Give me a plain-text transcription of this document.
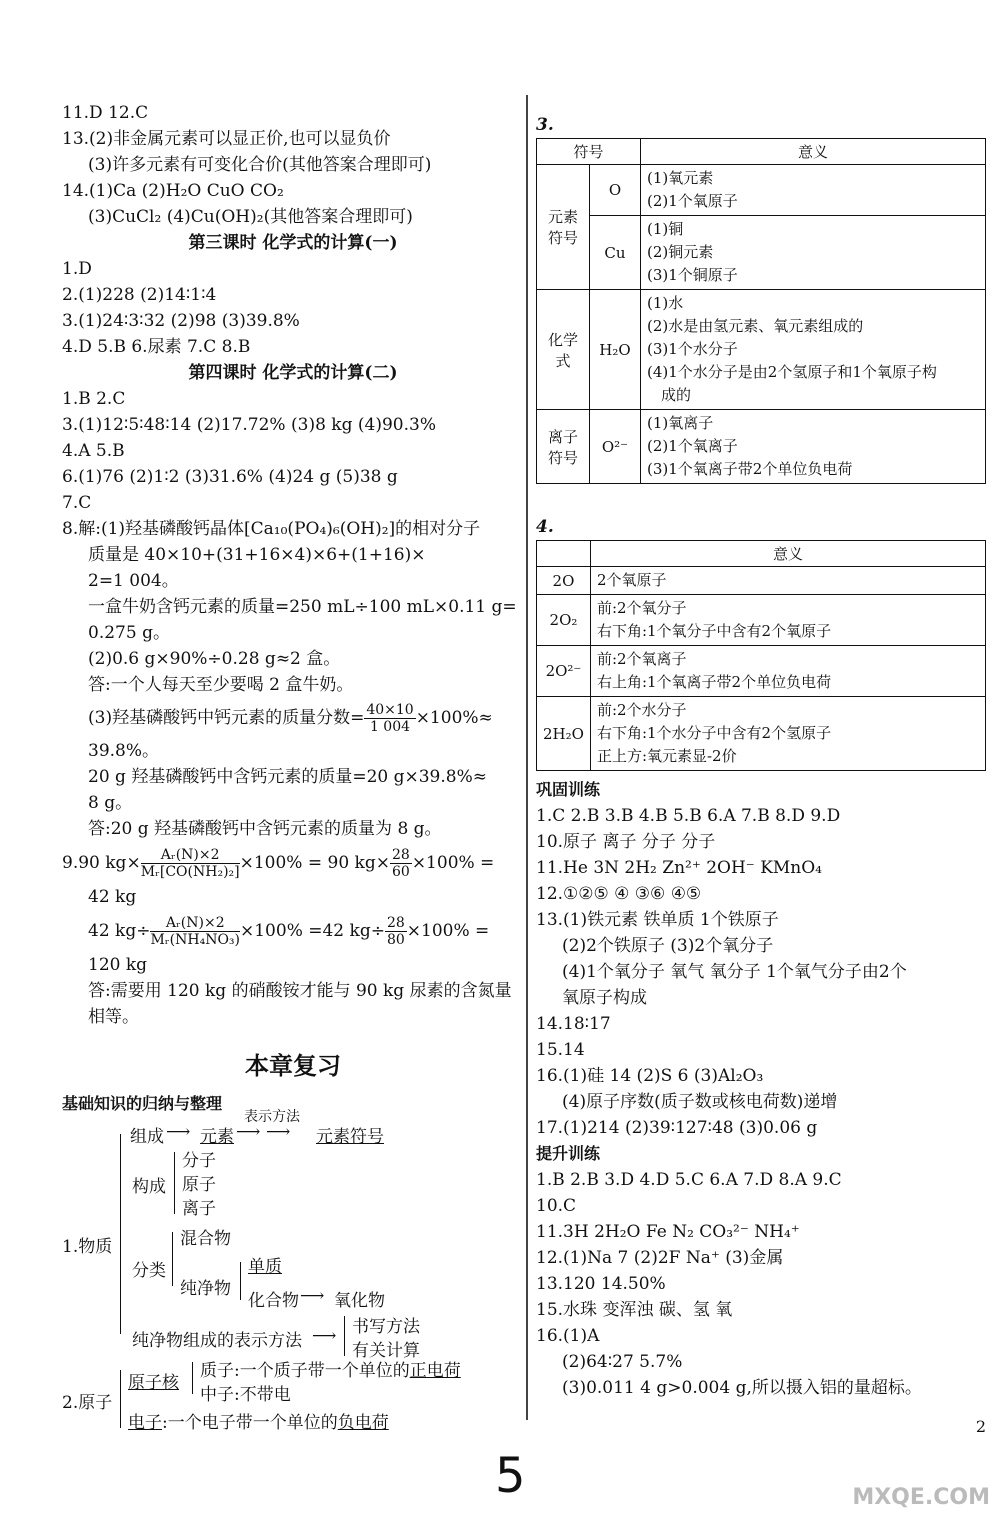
11.D 12.C
13.(2)非金属元素可以显正价,也可以显负价
(3)许多元素有可变化合价(其他答案合理即可)
14.(1)Ca (2)H₂O CuO CO₂
(3)CuCl₂ (4)Cu(OH)₂(其他答案合理即可)
第三课时 化学式的计算(一)
1.D
2.(1)228 (2)14∶1∶4
3.(1)24∶3∶32 (2)98 (3)39.8%
4.D 5.B 6.尿素 7.C 8.B
第四课时 化学式的计算(二)
1.B 2.C
3.(1)12∶5∶48∶14 (2)17.72% (3)8 kg (4)90.3%
4.A 5.B
6.(1)76 (2)1∶2 (3)31.6% (4)24 g (5)38 g
7.C
8.解:(1)羟基磷酸钙晶体[Ca₁₀(PO₄)₆(OH)₂]的相对分子
质量是 40×10+(31+16×4)×6+(1+16)×
2=1 004。
一盒牛奶含钙元素的质量=250 mL÷100 mL×0.11 g=
0.275 g。
(2)0.6 g×90%÷0.28 g≈2 盒。
答:一个人每天至少要喝 2 盒牛奶。
(3)羟基磷酸钙中钙元素的质量分数= $\frac{40\times 10}{1 004} \times 100\%\approx$
39.8%。
20 g 羟基磷酸钙中含钙元素的质量=20 g×39.8%≈
8 g。
答:20 g 羟基磷酸钙中含钙元素的质量为 8 g。
9.90 $kg\times \frac{\text{Aᵣ(N)×2}}{\text{Mᵣ[CO(NH₂)₂]}} \times 100\% = 90$ $kg\times \frac{28}{60} \times 100\%$ =
42 kg
42 $kg\div \frac{\text{Aᵣ(N)×2}}{\text{Mᵣ(NH₄NO₃)}} \times 100\% =42$ $kg\div \frac{28}{80} \times 100\%$ =
120 kg
答:需要用 120 kg 的硝酸铵才能与 90 kg 尿素的含氮量
相等。
本章复习
基础知识的归纳与整理
1.物质
组成 ⟶ 元素
表示方法
⟶ ⟶ 元素符号
构成
分子
原子
离子
分类
混合物
纯净物
单质
化合物 ⟶ 氧化物
纯净物组成的表示方法 ⟶ 书写方法
有关计算
2.原子
原子核
质子:一个质子带一个单位的正电荷
中子:不带电
电子:一个电子带一个单位的负电荷
3.
符号		意义
元素符号	O	(1)氧元素
(2)1个氧原子

	Cu	(1)铜
(2)铜元素
(3)1个铜原子

化学式	H₂O	(1)水
(2)水是由氢元素、氧元素组成的
(3)1个水分子
(4)1个水分子是由2个氢原子和1个氧原子构
成的

离子符号	O²⁻	(1)氧离子
(2)1个氧离子
(3)1个氧离子带2个单位负电荷
4.
	意义
2O	2个氧原子

2O₂	前:2个氧分子
右下角:1个氧分子中含有2个氧原子

2O²⁻	前:2个氧离子
右上角:1个氧离子带2个单位负电荷

2H₂O	前:2个水分子
右下角:1个水分子中含有2个氢原子
正上方:氧元素显-2价
巩固训练
1.C 2.B 3.B 4.B 5.B 6.A 7.B 8.D 9.D
10.原子 离子 分子 分子
11.He 3N 2H₂ Zn²⁺ 2OH⁻ KMnO₄
12.①②⑤ ④ ③⑥ ④⑤
13.(1)铁元素 铁单质 1个铁原子
(2)2个铁原子 (3)2个氧分子
(4)1个氧分子 氧气 氧分子 1个氧气分子由2个
氧原子构成
14.18∶17
15.14
16.(1)硅 14 (2)S 6 (3)Al₂O₃
(4)原子序数(质子数或核电荷数)递增
17.(1)214 (2)39∶127∶48 (3)0.06 g
提升训练
1.B 2.B 3.D 4.D 5.C 6.A 7.D 8.A 9.C
10.C
11.3H 2H₂O Fe N₂ CO₃²⁻ NH₄⁺
12.(1)Na 7 (2)2F Na⁺ (3)金属
13.120 14.50%
15.水珠 变浑浊 碳、氢 氧
16.(1)A
(2)64∶27 5.7%
(3)0.011 4 g>0.004 g,所以摄入铝的量超标。
2
5	MXQE.COM
